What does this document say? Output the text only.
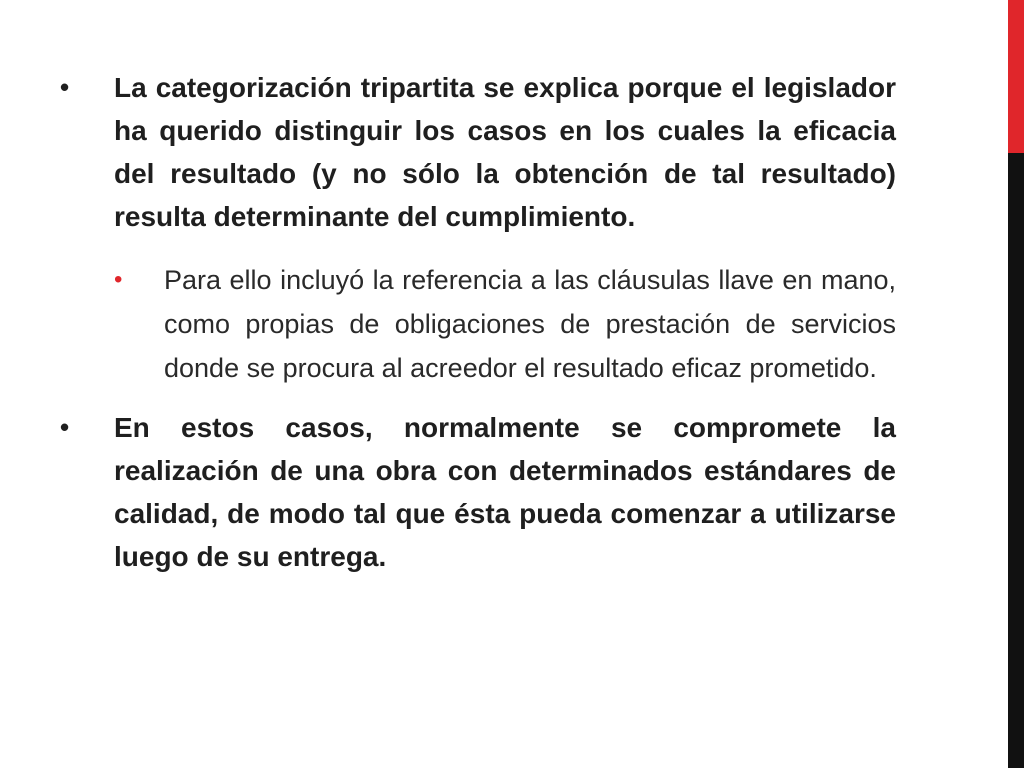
• La categorización tripartita se explica porque el legislador ha querido distinguir los casos en los cuales la eficacia del resultado (y no sólo la obtención de tal resultado) resulta determinante del cumplimiento.
• Para ello incluyó la referencia a las cláusulas llave en mano, como propias de obligaciones de prestación de servicios donde se procura al acreedor el resultado eficaz prometido.
• En estos casos, normalmente se compromete la realización de una obra con determinados estándares de calidad, de modo tal que ésta pueda comenzar a utilizarse luego de su entrega.
